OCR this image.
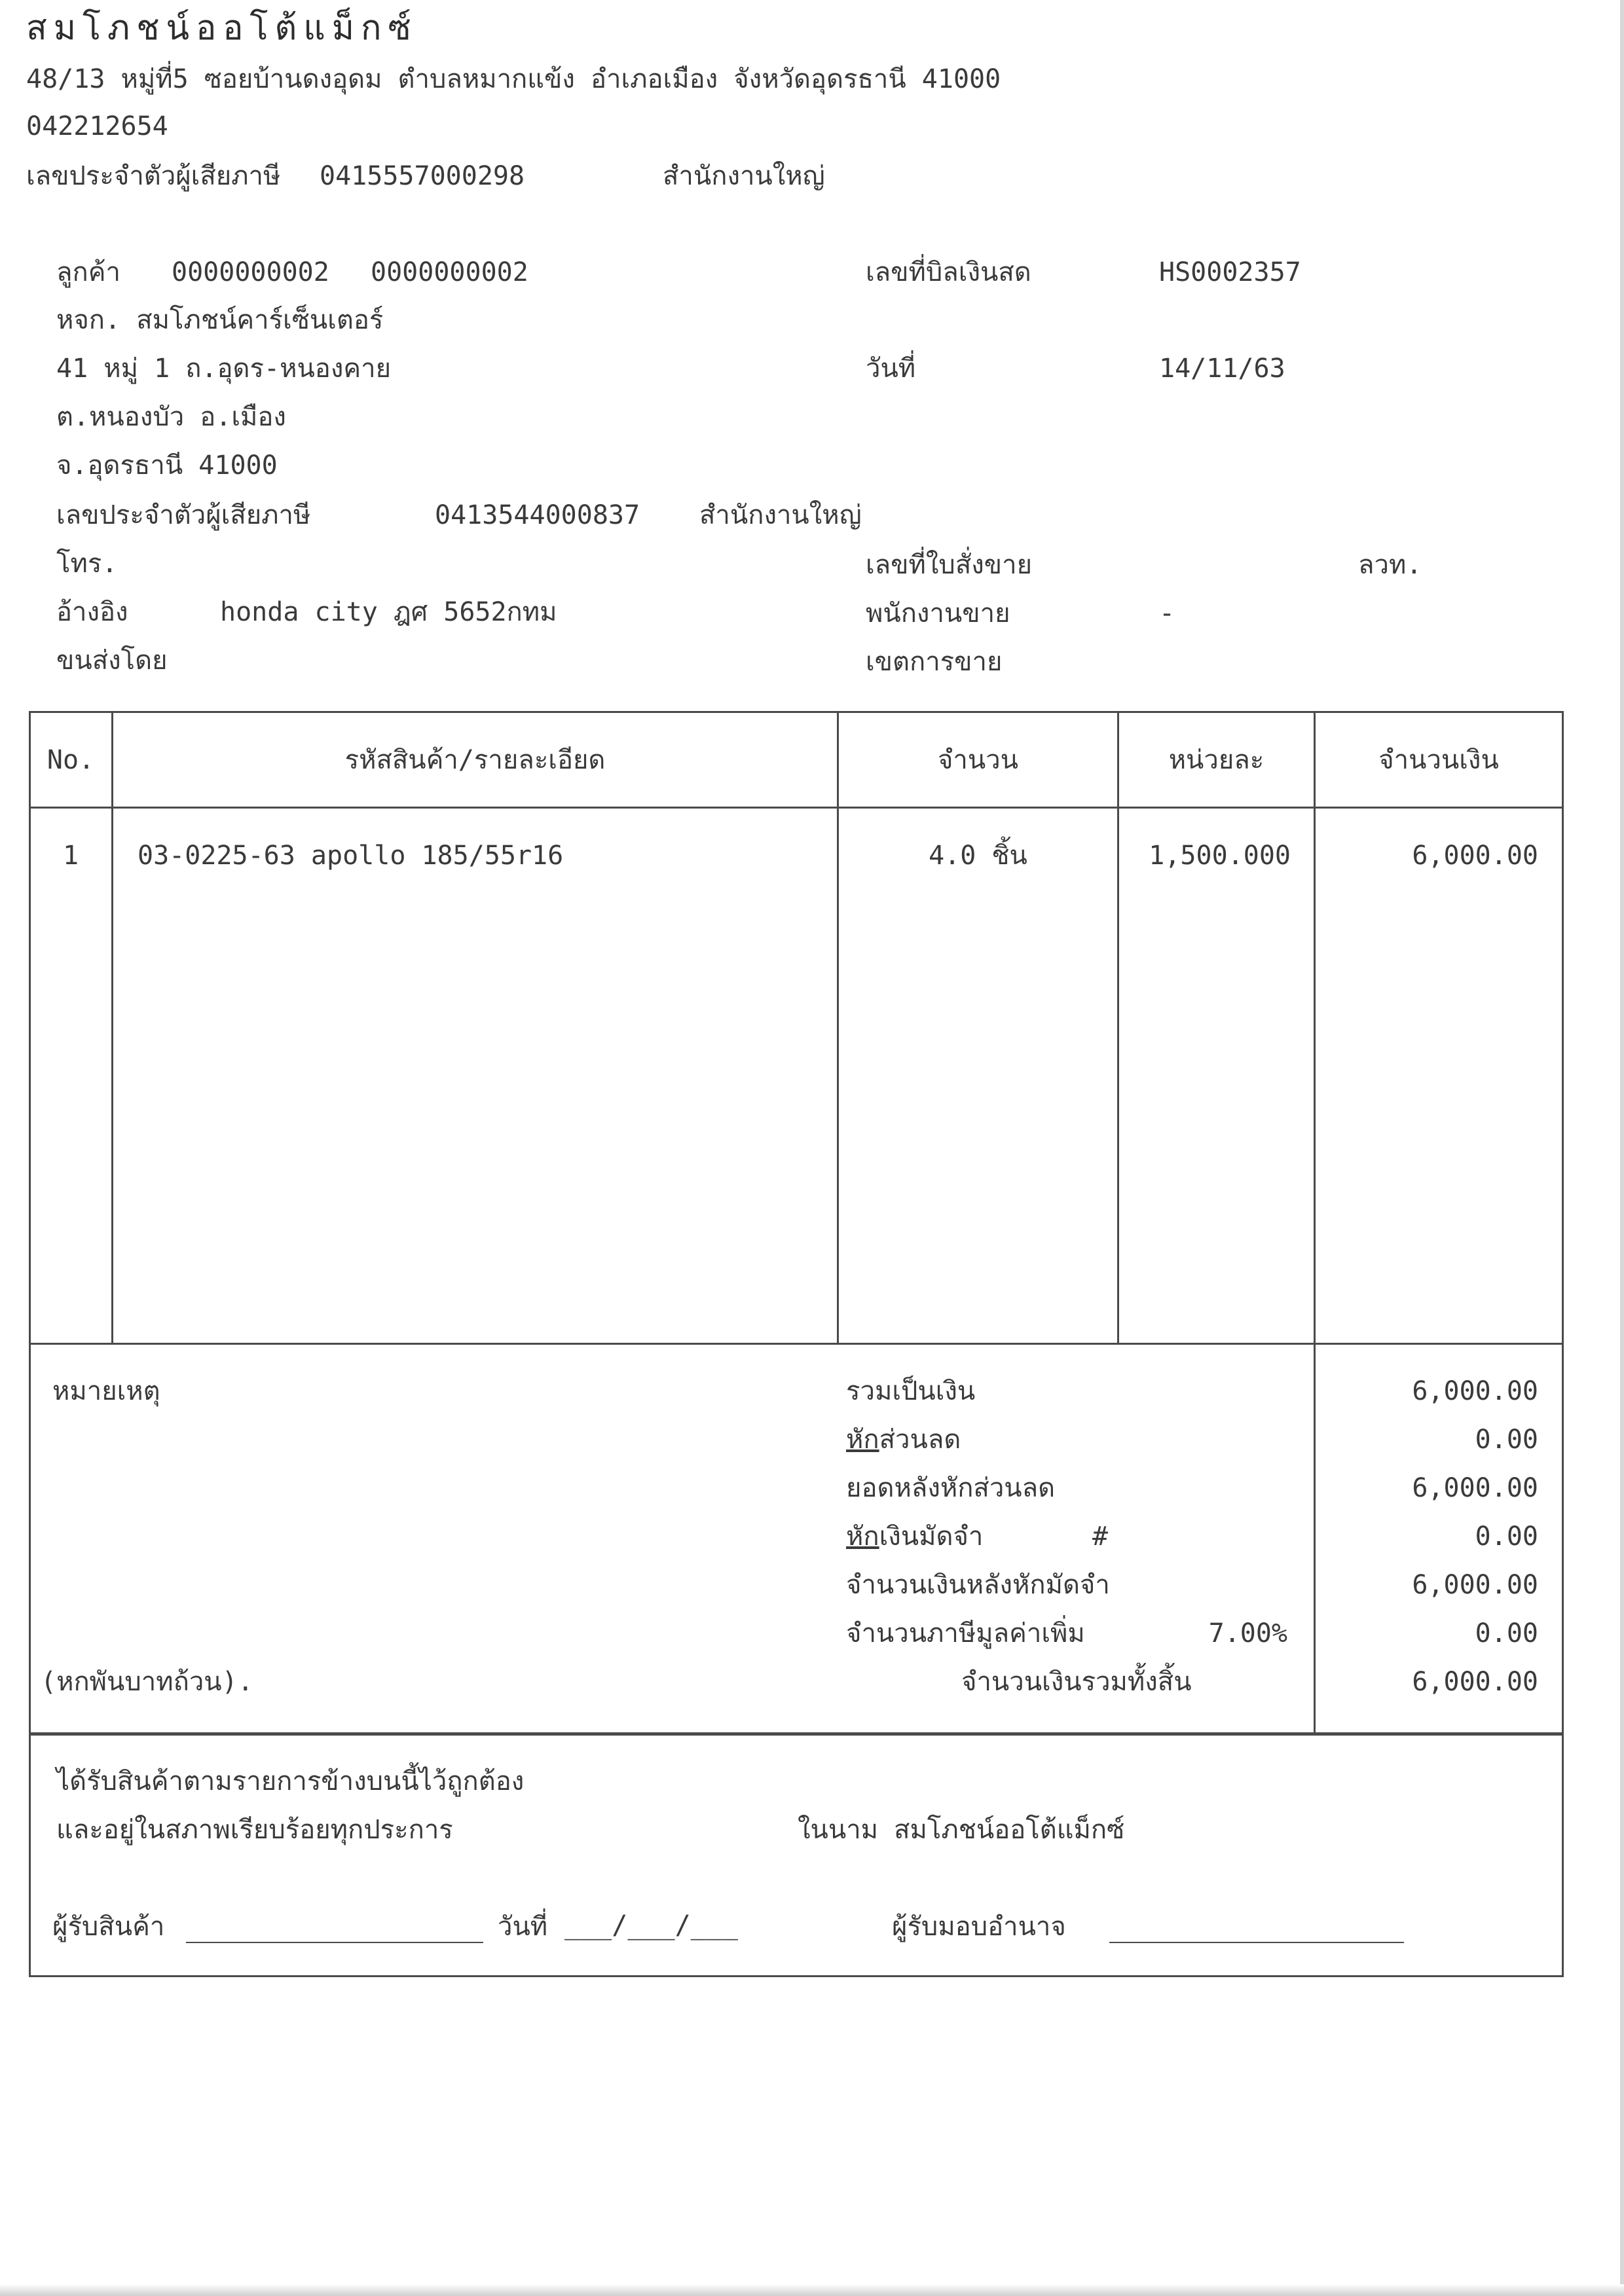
สมโภชน์ออโต้แม็กซ์
48/13 หมู่ที่5 ซอยบ้านดงอุดม ตำบลหมากแข้ง อำเภอเมือง จังหวัดอุดรธานี 41000
042212654
เลขประจำตัวผู้เสียภาษี 0415557000298	สำนักงานใหญ่
ลูกค้า 0000000002 0000000002
หจก. สมโภชน์คาร์เซ็นเตอร์
41 หมู่ 1 ถ.อุดร-หนองคาย
ต.หนองบัว อ.เมือง
จ.อุดรธานี 41000
เลขประจำตัวผู้เสียภาษี	0413544000837 สำนักงานใหญ่
โทร.
อ้างอิง	honda city ฎศ 5652กทม
ขนส่งโดย
เลขที่บิลเงินสด	HS0002357
วันที่	14/11/63
เลขที่ใบสั่งขาย	ลวท.
พนักงานขาย	-
เขตการขาย
No.	รหัสสินค้า/รายละเอียด	จำนวน	หน่วยละ	จำนวนเงิน
1	03-0225-63 apollo 185/55r16	4.0 ชิ้น	1,500.000	6,000.00
หมายเหตุ	รวมเป็นเงิน	6,000.00
หักส่วนลด	0.00
ยอดหลังหักส่วนลด	6,000.00
หักเงินมัดจำ	#	0.00
จำนวนเงินหลังหักมัดจำ	6,000.00
จำนวนภาษีมูลค่าเพิ่ม	7.00%	0.00
(หกพันบาทถ้วน).	จำนวนเงินรวมทั้งสิ้น	6,000.00
ได้รับสินค้าตามรายการข้างบนนี้ไว้ถูกต้อง
และอยู่ในสภาพเรียบร้อยทุกประการ	ในนาม สมโภชน์ออโต้แม็กซ์
ผู้รับสินค้า	วันที่ ___/___/___	ผู้รับมอบอำนาจ
